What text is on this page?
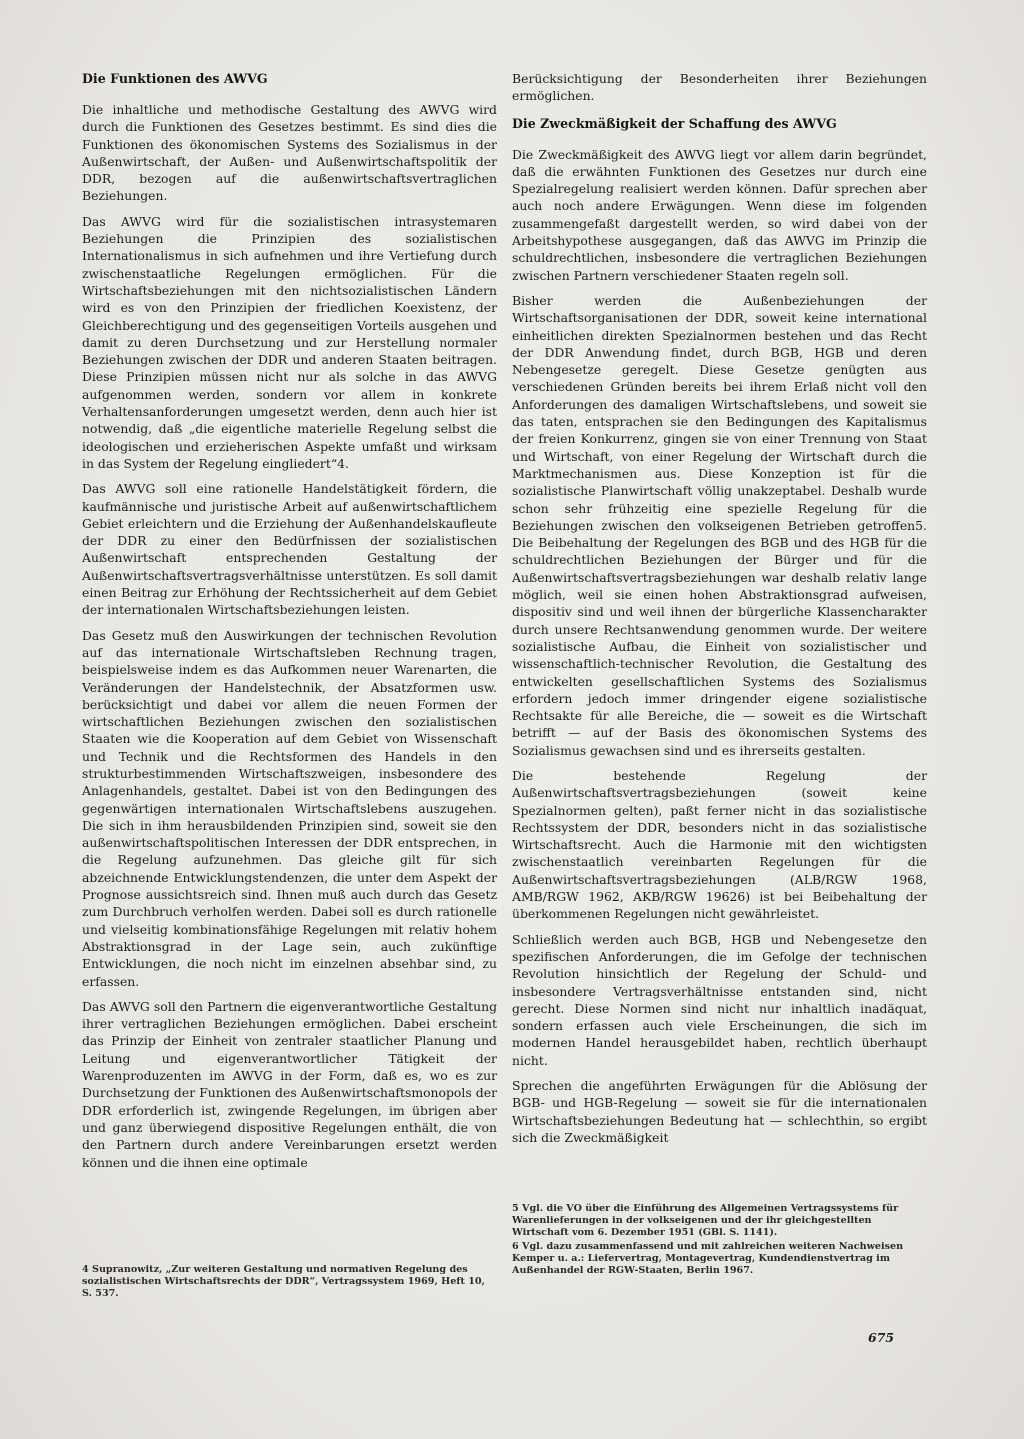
Die Funktionen des AWVG

Die inhaltliche und methodische Gestaltung des AWVG wird durch die Funktionen des Gesetzes bestimmt. Es sind dies die Funktionen des ökonomischen Systems des Sozialismus in der Außenwirtschaft, der Außen- und Außenwirtschaftspolitik der DDR, bezogen auf die außenwirtschaftsvertraglichen Beziehungen.

Das AWVG wird für die sozialistischen intrasystemaren Beziehungen die Prinzipien des sozialistischen Internationalismus in sich aufnehmen und ihre Vertiefung durch zwischenstaatliche Regelungen ermöglichen. Für die Wirtschaftsbeziehungen mit den nichtsozialistischen Ländern wird es von den Prinzipien der friedlichen Koexistenz, der Gleichberechtigung und des gegenseitigen Vorteils ausgehen und damit zu deren Durchsetzung und zur Herstellung normaler Beziehungen zwischen der DDR und anderen Staaten beitragen. Diese Prinzipien müssen nicht nur als solche in das AWVG aufgenommen werden, sondern vor allem in konkrete Verhaltensanforderungen umgesetzt werden, denn auch hier ist notwendig, daß „die eigentliche materielle Regelung selbst die ideologischen und erzieherischen Aspekte umfaßt und wirksam in das System der Regelung eingliedert“4.

Das AWVG soll eine rationelle Handelstätigkeit fördern, die kaufmännische und juristische Arbeit auf außenwirtschaftlichem Gebiet erleichtern und die Erziehung der Außenhandelskaufleute der DDR zu einer den Bedürfnissen der sozialistischen Außenwirtschaft entsprechenden Gestaltung der Außenwirtschaftsvertragsverhältnisse unterstützen. Es soll damit einen Beitrag zur Erhöhung der Rechtssicherheit auf dem Gebiet der internationalen Wirtschaftsbeziehungen leisten.

Das Gesetz muß den Auswirkungen der technischen Revolution auf das internationale Wirtschaftsleben Rechnung tragen, beispielsweise indem es das Aufkommen neuer Warenarten, die Veränderungen der Handelstechnik, der Absatzformen usw. berücksichtigt und dabei vor allem die neuen Formen der wirtschaftlichen Beziehungen zwischen den sozialistischen Staaten wie die Kooperation auf dem Gebiet von Wissenschaft und Technik und die Rechtsformen des Handels in den strukturbestimmenden Wirtschaftszweigen, insbesondere des Anlagenhandels, gestaltet. Dabei ist von den Bedingungen des gegenwärtigen internationalen Wirtschaftslebens auszugehen. Die sich in ihm herausbildenden Prinzipien sind, soweit sie den außenwirtschaftspolitischen Interessen der DDR entsprechen, in die Regelung aufzunehmen. Das gleiche gilt für sich abzeichnende Entwicklungstendenzen, die unter dem Aspekt der Prognose aussichtsreich sind. Ihnen muß auch durch das Gesetz zum Durchbruch verholfen werden. Dabei soll es durch rationelle und vielseitig kombinationsfähige Regelungen mit relativ hohem Abstraktionsgrad in der Lage sein, auch zukünftige Entwicklungen, die noch nicht im einzelnen absehbar sind, zu erfassen.

Das AWVG soll den Partnern die eigenverantwortliche Gestaltung ihrer vertraglichen Beziehungen ermöglichen. Dabei erscheint das Prinzip der Einheit von zentraler staatlicher Planung und Leitung und eigenverantwortlicher Tätigkeit der Warenproduzenten im AWVG in der Form, daß es, wo es zur Durchsetzung der Funktionen des Außenwirtschaftsmonopols der DDR erforderlich ist, zwingende Regelungen, im übrigen aber und ganz überwiegend dispositive Regelungen enthält, die von den Partnern durch andere Vereinbarungen ersetzt werden können und die ihnen eine optimale

4 Supranowitz, „Zur weiteren Gestaltung und normativen Regelung des sozialistischen Wirtschaftsrechts der DDR“, Vertragssystem 1969, Heft 10, S. 537.

Berücksichtigung der Besonderheiten ihrer Beziehungen ermöglichen.

Die Zweckmäßigkeit der Schaffung des AWVG

Die Zweckmäßigkeit des AWVG liegt vor allem darin begründet, daß die erwähnten Funktionen des Gesetzes nur durch eine Spezialregelung realisiert werden können. Dafür sprechen aber auch noch andere Erwägungen. Wenn diese im folgenden zusammengefaßt dargestellt werden, so wird dabei von der Arbeitshypothese ausgegangen, daß das AWVG im Prinzip die schuldrechtlichen, insbesondere die vertraglichen Beziehungen zwischen Partnern verschiedener Staaten regeln soll.

Bisher werden die Außenbeziehungen der Wirtschaftsorganisationen der DDR, soweit keine international einheitlichen direkten Spezialnormen bestehen und das Recht der DDR Anwendung findet, durch BGB, HGB und deren Nebengesetze geregelt. Diese Gesetze genügten aus verschiedenen Gründen bereits bei ihrem Erlaß nicht voll den Anforderungen des damaligen Wirtschaftslebens, und soweit sie das taten, entsprachen sie den Bedingungen des Kapitalismus der freien Konkurrenz, gingen sie von einer Trennung von Staat und Wirtschaft, von einer Regelung der Wirtschaft durch die Marktmechanismen aus. Diese Konzeption ist für die sozialistische Planwirtschaft völlig unakzeptabel. Deshalb wurde schon sehr frühzeitig eine spezielle Regelung für die Beziehungen zwischen den volkseigenen Betrieben getroffen5. Die Beibehaltung der Regelungen des BGB und des HGB für die schuldrechtlichen Beziehungen der Bürger und für die Außenwirtschaftsvertragsbeziehungen war deshalb relativ lange möglich, weil sie einen hohen Abstraktionsgrad aufweisen, dispositiv sind und weil ihnen der bürgerliche Klassencharakter durch unsere Rechtsanwendung genommen wurde. Der weitere sozialistische Aufbau, die Einheit von sozialistischer und wissenschaftlich-technischer Revolution, die Gestaltung des entwickelten gesellschaftlichen Systems des Sozialismus erfordern jedoch immer dringender eigene sozialistische Rechtsakte für alle Bereiche, die — soweit es die Wirtschaft betrifft — auf der Basis des ökonomischen Systems des Sozialismus gewachsen sind und es ihrerseits gestalten.

Die bestehende Regelung der Außenwirtschaftsvertragsbeziehungen (soweit keine Spezialnormen gelten), paßt ferner nicht in das sozialistische Rechtssystem der DDR, besonders nicht in das sozialistische Wirtschaftsrecht. Auch die Harmonie mit den wichtigsten zwischenstaatlich vereinbarten Regelungen für die Außenwirtschaftsvertragsbeziehungen (ALB/RGW 1968, AMB/RGW 1962, AKB/RGW 19626) ist bei Beibehaltung der überkommenen Regelungen nicht gewährleistet.

Schließlich werden auch BGB, HGB und Nebengesetze den spezifischen Anforderungen, die im Gefolge der technischen Revolution hinsichtlich der Regelung der Schuld- und insbesondere Vertragsverhältnisse entstanden sind, nicht gerecht. Diese Normen sind nicht nur inhaltlich inadäquat, sondern erfassen auch viele Erscheinungen, die sich im modernen Handel herausgebildet haben, rechtlich überhaupt nicht.

Sprechen die angeführten Erwägungen für die Ablösung der BGB- und HGB-Regelung — soweit sie für die internationalen Wirtschaftsbeziehungen Bedeutung hat — schlechthin, so ergibt sich die Zweckmäßigkeit

5 Vgl. die VO über die Einführung des Allgemeinen Vertragssystems für Warenlieferungen in der volkseigenen und der ihr gleichgestellten Wirtschaft vom 6. Dezember 1951 (GBl. S. 1141).

6 Vgl. dazu zusammenfassend und mit zahlreichen weiteren Nachweisen Kemper u. a.: Liefervertrag, Montagevertrag, Kundendienstvertrag im Außenhandel der RGW-Staaten, Berlin 1967.

675
